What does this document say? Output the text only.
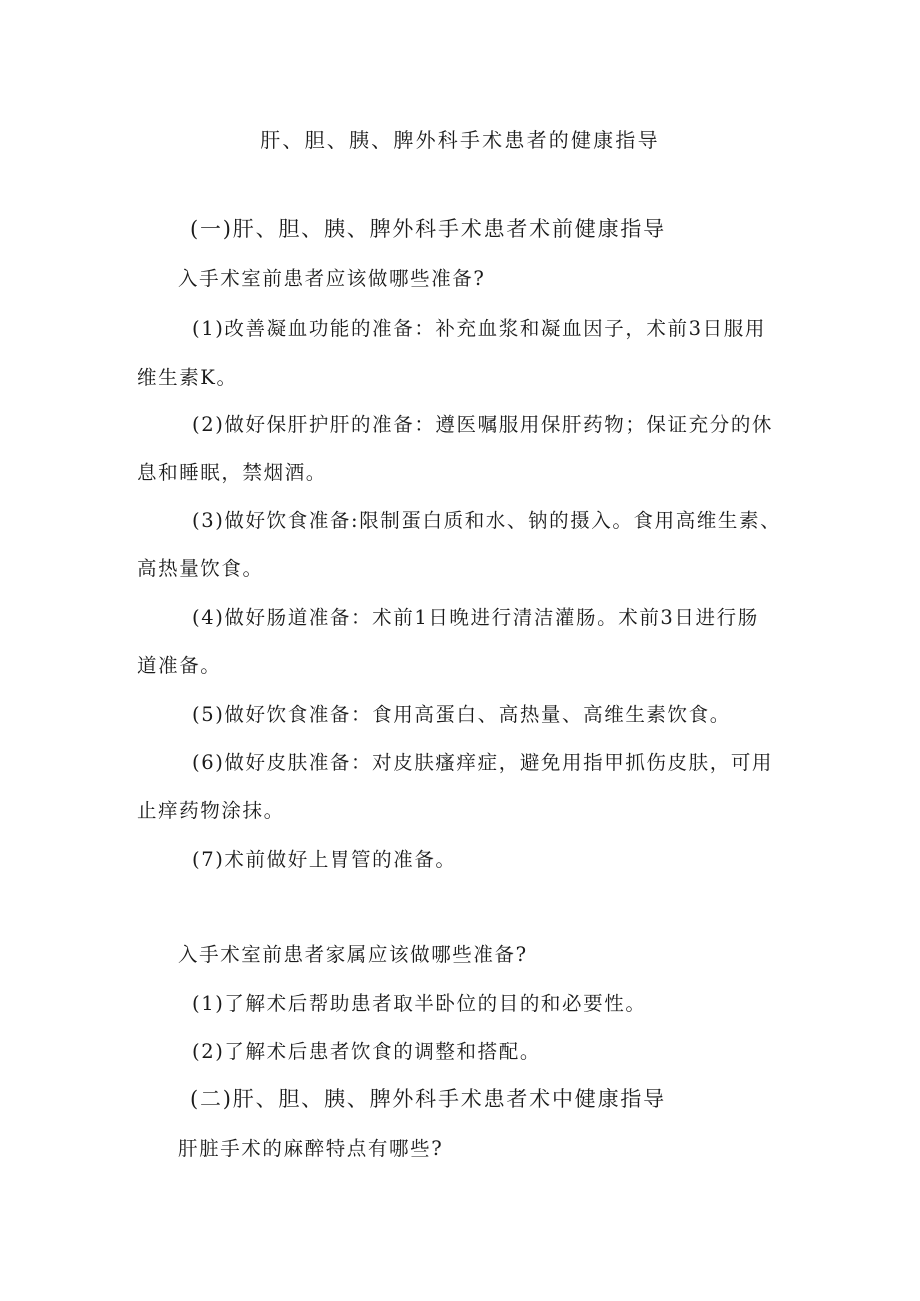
肝、胆、胰、脾外科手术患者的健康指导
(一)肝、胆、胰、脾外科手术患者术前健康指导
入手术室前患者应该做哪些准备?
(1)改善凝血功能的准备：补充血浆和凝血因子，术前3日服用
维生素K。
(2)做好保肝护肝的准备：遵医嘱服用保肝药物；保证充分的休
息和睡眠，禁烟酒。
(3)做好饮食准备:限制蛋白质和水、钠的摄入。食用高维生素、
高热量饮食。
(4)做好肠道准备：术前1日晚进行清洁灌肠。术前3日进行肠
道准备。
(5)做好饮食准备：食用高蛋白、高热量、高维生素饮食。
(6)做好皮肤准备：对皮肤瘙痒症，避免用指甲抓伤皮肤，可用
止痒药物涂抹。
(7)术前做好上胃管的准备。
入手术室前患者家属应该做哪些准备?
(1)了解术后帮助患者取半卧位的目的和必要性。
(2)了解术后患者饮食的调整和搭配。
(二)肝、胆、胰、脾外科手术患者术中健康指导
肝脏手术的麻醉特点有哪些?
